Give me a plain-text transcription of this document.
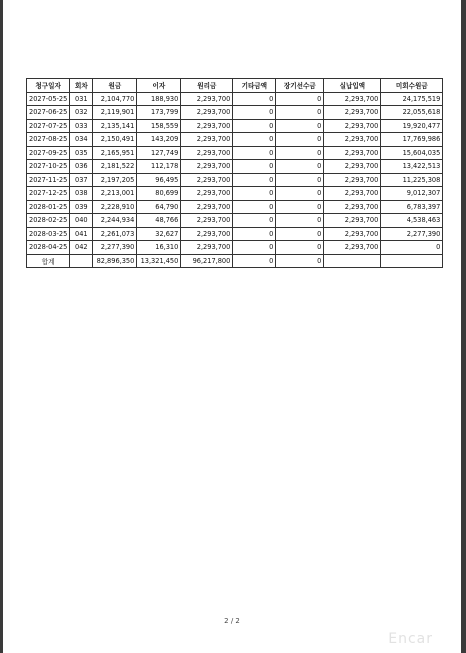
청구일자	회차	원금	이자	원리금	기타금액	장기선수금	실납입액	미회수원금
2027-05-25	031	2,104,770	188,930	2,293,700	0	0	2,293,700	24,175,519
2027-06-25	032	2,119,901	173,799	2,293,700	0	0	2,293,700	22,055,618
2027-07-25	033	2,135,141	158,559	2,293,700	0	0	2,293,700	19,920,477
2027-08-25	034	2,150,491	143,209	2,293,700	0	0	2,293,700	17,769,986
2027-09-25	035	2,165,951	127,749	2,293,700	0	0	2,293,700	15,604,035
2027-10-25	036	2,181,522	112,178	2,293,700	0	0	2,293,700	13,422,513
2027-11-25	037	2,197,205	96,495	2,293,700	0	0	2,293,700	11,225,308
2027-12-25	038	2,213,001	80,699	2,293,700	0	0	2,293,700	9,012,307
2028-01-25	039	2,228,910	64,790	2,293,700	0	0	2,293,700	6,783,397
2028-02-25	040	2,244,934	48,766	2,293,700	0	0	2,293,700	4,538,463
2028-03-25	041	2,261,073	32,627	2,293,700	0	0	2,293,700	2,277,390
2028-04-25	042	2,277,390	16,310	2,293,700	0	0	2,293,700	0
합계		82,896,350	13,321,450	96,217,800	0	0		
2 / 2
Encar
